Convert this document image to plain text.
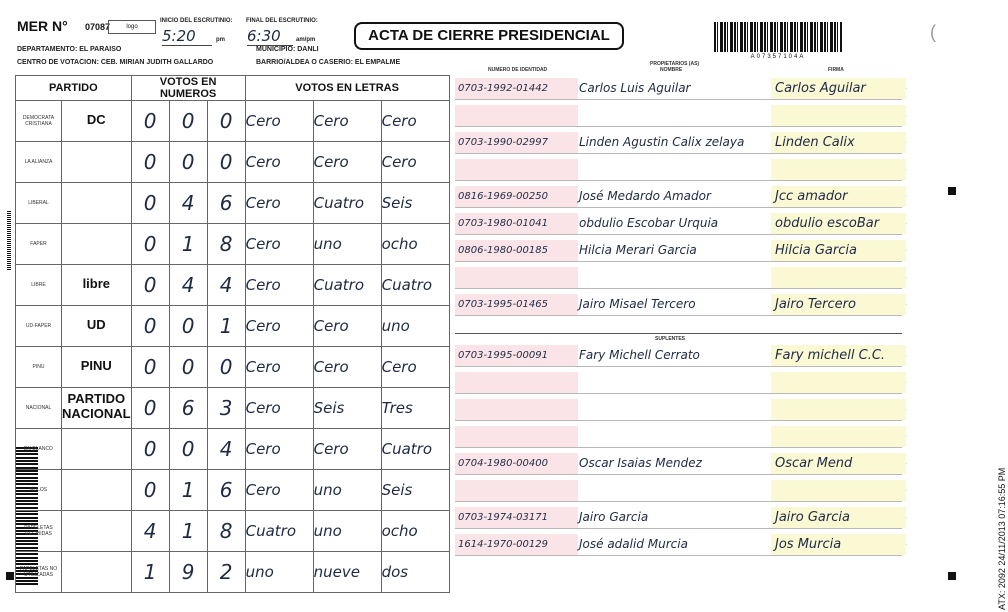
MER N° 07087	logo
INICIO DEL ESCRUTINIO:
5:20	pm
FINAL DEL ESCRUTINIO:
6:30	am/pm
DEPARTAMENTO: EL PARAISO	MUNICIPIO: DANLI
CENTRO DE VOTACION: CEB. MIRIAN JUDITH GALLARDO	BARRIO/ALDEA O CASERIO: EL EMPALME
ACTA DE CIERRE PRESIDENCIAL	(
A07357104A
ATX: 2092 24/11/2013 07:16:55 PM
PARTIDO		VOTOS EN NUMEROS			VOTOS EN LETRAS		
DEMOCRATA CRISTIANA	DC	0	0	0	Cero	Cero	Cero
LA ALIANZA		0	0	0	Cero	Cero	Cero
LIBERAL		0	4	6	Cero	Cuatro	Seis
FAPER		0	1	8	Cero	uno	ocho
LIBRE	libre	0	4	4	Cero	Cuatro	Cuatro
UD-FAPER	UD	0	0	1	Cero	Cero	uno
PINU	PINU	0	0	0	Cero	Cero	Cero
NACIONAL	PARTIDO NACIONAL	0	6	3	Cero	Seis	Tres
EN BLANCO		0	0	4	Cero	Cero	Cuatro
NULOS		0	1	6	Cero	uno	Seis
PAPELETAS RECIBIDAS		4	1	8	Cuatro	uno	ocho
PAPELETAS NO UTILIZADAS		1	9	2	uno	nueve	dos
NUMERO DE IDENTIDAD
PROPIETARIOS (AS)
NOMBRE	FIRMA
SUPLENTES
0703-1992-01442	Carlos Luis Aguilar	Carlos Aguilar	·
·
0703-1990-02997	Linden Agustin Calix zelaya	Linden Calix	·
·
0816-1969-00250	José Medardo Amador	Jcc amador	·
0703-1980-01041	obdulio Escobar Urquia	obdulio escoBar	·
0806-1980-00185	Hilcia Merari Garcia	Hilcia Garcia	·
·
0703-1995-01465	Jairo Misael Tercero	Jairo Tercero	·
0703-1995-00091	Fary Michell Cerrato	Fary michell C.C.	·
·
·
·
0704-1980-00400	Oscar Isaias Mendez	Oscar Mend	·
·
0703-1974-03171	Jairo Garcia	Jairo Garcia	·
1614-1970-00129	José adalid Murcia	Jos Murcia	·
